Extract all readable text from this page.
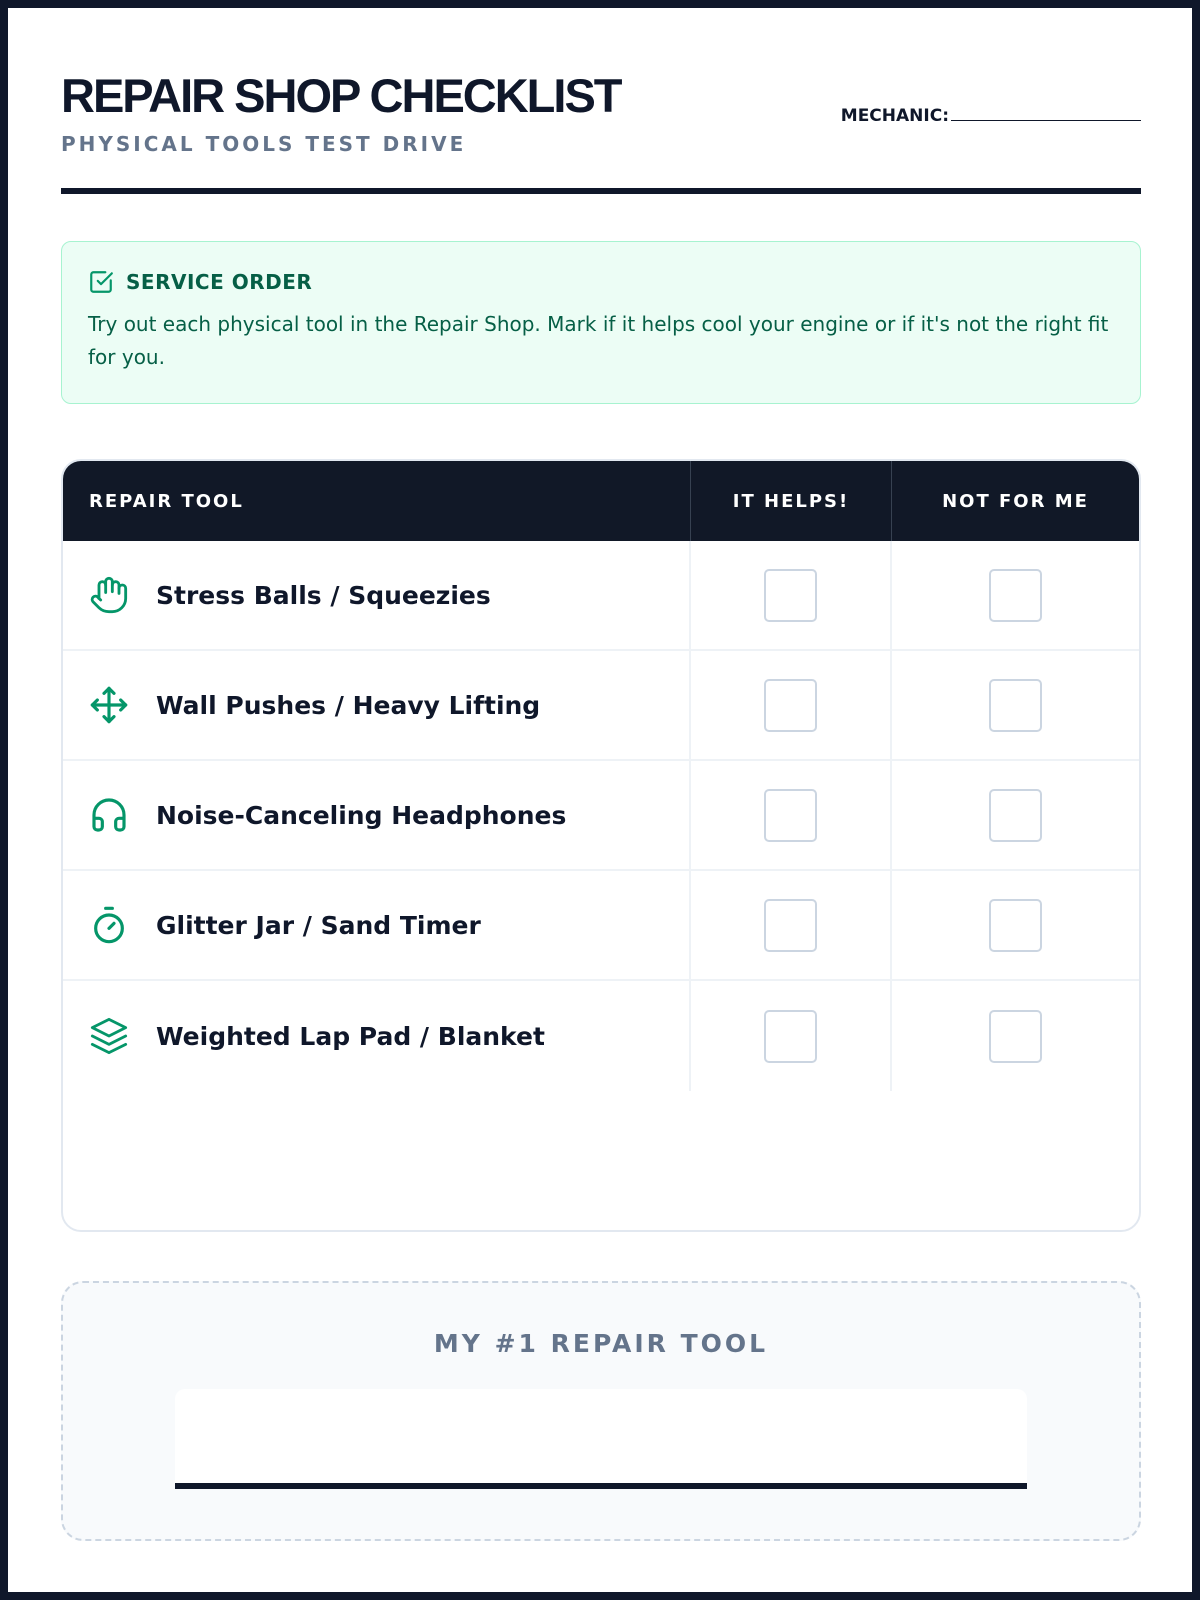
REPAIR SHOP CHECKLIST
PHYSICAL TOOLS TEST DRIVE
MECHANIC:
SERVICE ORDER
Try out each physical tool in the Repair Shop. Mark if it helps cool your engine or if it's not the right fit for you.
REPAIR TOOL	IT HELPS!	NOT FOR ME
Stress Balls / Squeezies
Wall Pushes / Heavy Lifting
Noise-Canceling Headphones
Glitter Jar / Sand Timer
Weighted Lap Pad / Blanket
MY #1 REPAIR TOOL
